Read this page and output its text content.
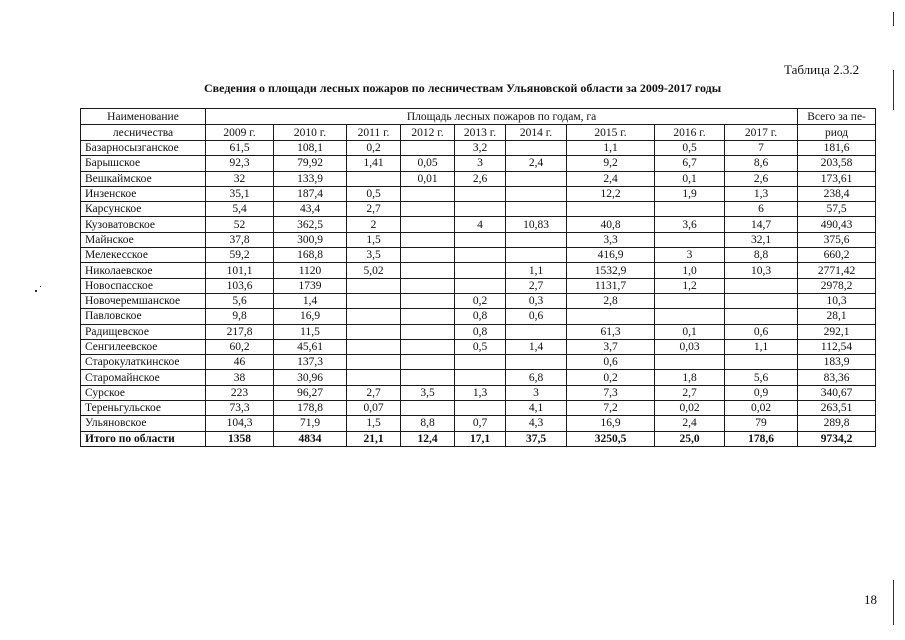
Таблица 2.3.2
Сведения о площади лесных пожаров по лесничествам Ульяновской области за 2009-2017 годы
Наименование	Площадь лесных пожаров по годам, га									Всего за пе-
лесничества	2009 г.	2010 г.	2011 г.	2012 г.	2013 г.	2014 г.	2015 г.	2016 г.	2017 г.	риод
Базарносызганское	61,5	108,1	0,2		3,2		1,1	0,5	7	181,6
Барышское	92,3	79,92	1,41	0,05	3	2,4	9,2	6,7	8,6	203,58
Вешкаймское	32	133,9		0,01	2,6		2,4	0,1	2,6	173,61
Инзенское	35,1	187,4	0,5				12,2	1,9	1,3	238,4
Карсунское	5,4	43,4	2,7						6	57,5
Кузоватовское	52	362,5	2		4	10,83	40,8	3,6	14,7	490,43
Майнское	37,8	300,9	1,5				3,3		32,1	375,6
Мелекесское	59,2	168,8	3,5				416,9	3	8,8	660,2
Николаевское	101,1	1120	5,02			1,1	1532,9	1,0	10,3	2771,42
Новоспасское	103,6	1739				2,7	1131,7	1,2		2978,2
Новочеремшанское	5,6	1,4			0,2	0,3	2,8			10,3
Павловское	9,8	16,9			0,8	0,6				28,1
Радищевское	217,8	11,5			0,8		61,3	0,1	0,6	292,1
Сенгилеевское	60,2	45,61			0,5	1,4	3,7	0,03	1,1	112,54
Старокулаткинское	46	137,3					0,6			183,9
Старомайнское	38	30,96				6,8	0,2	1,8	5,6	83,36
Сурское	223	96,27	2,7	3,5	1,3	3	7,3	2,7	0,9	340,67
Тереньгульское	73,3	178,8	0,07			4,1	7,2	0,02	0,02	263,51
Ульяновское	104,3	71,9	1,5	8,8	0,7	4,3	16,9	2,4	79	289,8
Итого по области	1358	4834	21,1	12,4	17,1	37,5	3250,5	25,0	178,6	9734,2
18
